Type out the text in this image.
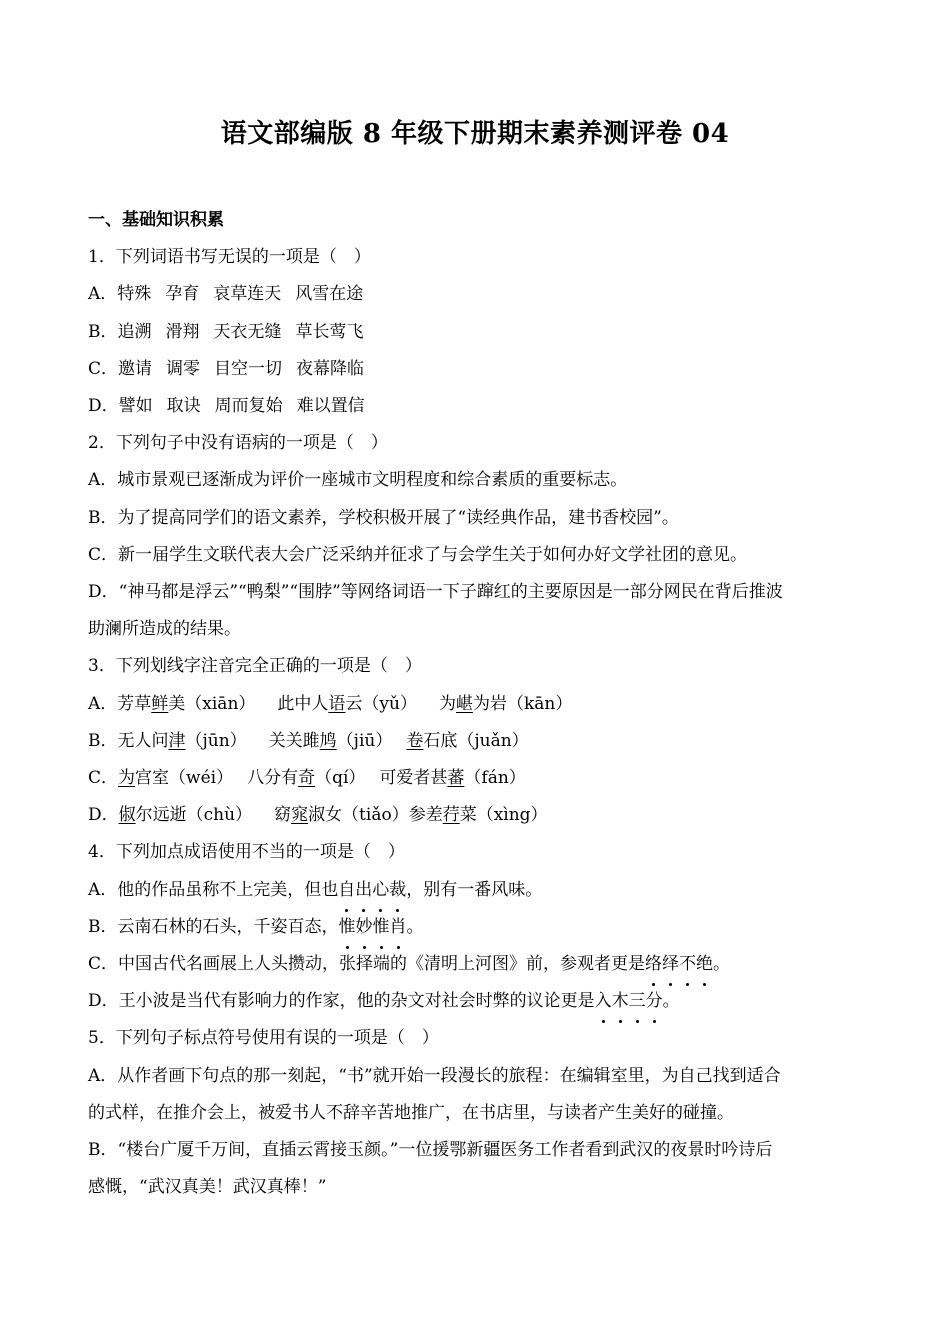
语文部编版 8 年级下册期末素养测评卷 04
一、基础知识积累
1．下列词语书写无误的一项是（　）
A．特殊 孕育 哀草连天 风雪在途
B．追溯 滑翔 天衣无缝 草长莺飞
C．邀请 调零 目空一切 夜幕降临
D．譬如 取诀 周而复始 难以置信
2．下列句子中没有语病的一项是（　）
A．城市景观已逐渐成为评价一座城市文明程度和综合素质的重要标志。
B．为了提高同学们的语文素养，学校积极开展了“读经典作品，建书香校园”。
C．新一届学生文联代表大会广泛采纳并征求了与会学生关于如何办好文学社团的意见。
D．“神马都是浮云”“鸭梨”“围脖”等网络词语一下子蹿红的主要原因是一部分网民在背后推波
助澜所造成的结果。
3．下列划线字注音完全正确的一项是（　）
A．芳草鲜美（xiān） 此中人语云（yǔ） 为嵁为岩（kān）
B．无人问津（jūn） 关关雎鸠（jiū） 卷石底（juǎn）
C．为宫室（wéi） 八分有奇（qí） 可爱者甚蕃（fán）
D．俶尔远逝（chù） 窈窕淑女（tiǎo）参差荇菜（xìng）
4．下列加点成语使用不当的一项是（　）
A．他的作品虽称不上完美，但也自出心裁，别有一番风味。
B．云南石林的石头，千姿百态，惟妙惟肖。
C．中国古代名画展上人头攒动，张择端的《清明上河图》前，参观者更是络绎不绝。
D．王小波是当代有影响力的作家，他的杂文对社会时弊的议论更是入木三分。
5．下列句子标点符号使用有误的一项是（　）
A．从作者画下句点的那一刻起，“书”就开始一段漫长的旅程：在编辑室里，为自己找到适合
的式样，在推介会上，被爱书人不辞辛苦地推广，在书店里，与读者产生美好的碰撞。
B．“楼台广厦千万间，直插云霄接玉颜。”一位援鄂新疆医务工作者看到武汉的夜景时吟诗后
感慨，“武汉真美！武汉真棒！”
